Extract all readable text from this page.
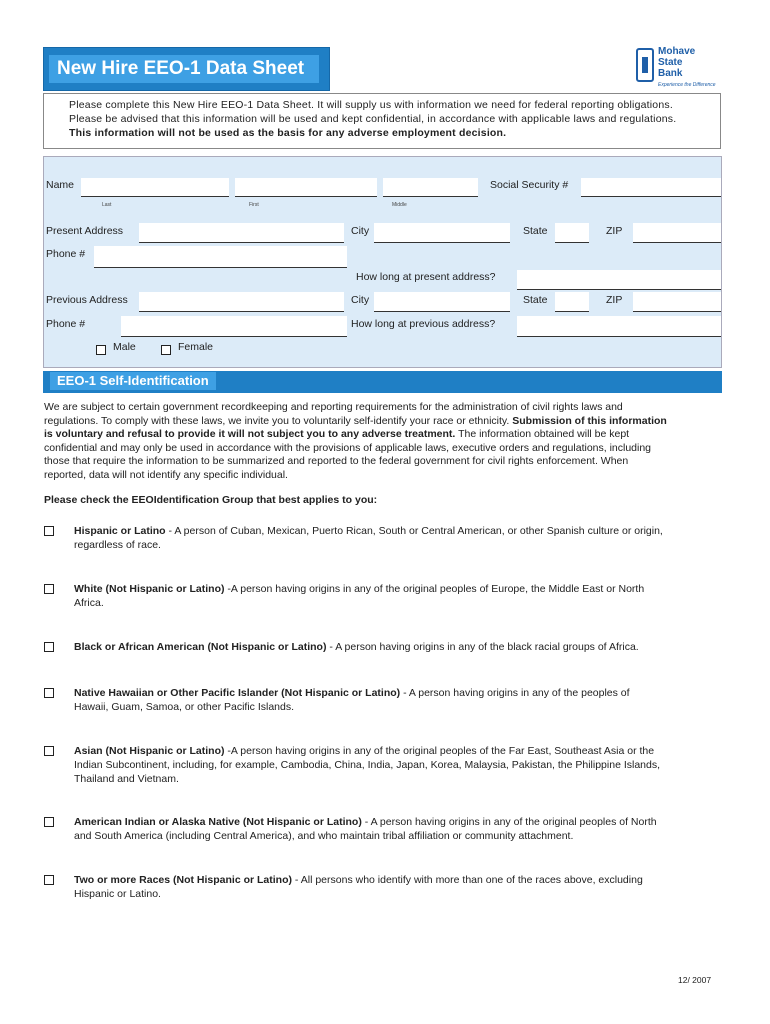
New Hire EEO-1 Data Sheet
Mohave
State
Bank
Experience the Difference

Please complete this New Hire EEO-1 Data Sheet. It will supply us with information we need for federal reporting obligations.

Please be advised that this information will be used and kept confidential, in accordance with applicable laws and regulations.

This information will not be used as the basis for any adverse employment decision.

Name
Last	First	Middle
Social Security #
Present Address	City	State	ZIP
Phone #
How long at present address?
Previous Address	City	State	ZIP
Phone #	How long at previous address?
Male	Female
EEO-1 Self-Identification
We are subject to certain government recordkeeping and reporting requirements for the administration of civil rights laws and
regulations. To comply with these laws, we invite you to voluntarily self-identify your race or ethnicity. Submission of this information
is voluntary and refusal to provide it will not subject you to any adverse treatment. The information obtained will be kept
confidential and may only be used in accordance with the provisions of applicable laws, executive orders and regulations, including
those that require the information to be summarized and reported to the federal government for civil rights enforcement. When
reported, data will not identify any specific individual.
Please check the EEOIdentification Group that best applies to you:
Hispanic or Latino - A person of Cuban, Mexican, Puerto Rican, South or Central American, or other Spanish culture or origin,
regardless of race.
White (Not Hispanic or Latino) -A person having origins in any of the original peoples of Europe, the Middle East or North
Africa.
Black or African American (Not Hispanic or Latino) - A person having origins in any of the black racial groups of Africa.
Native Hawaiian or Other Pacific Islander (Not Hispanic or Latino) - A person having origins in any of the peoples of
Hawaii, Guam, Samoa, or other Pacific Islands.
Asian (Not Hispanic or Latino) -A person having origins in any of the original peoples of the Far East, Southeast Asia or the
Indian Subcontinent, including, for example, Cambodia, China, India, Japan, Korea, Malaysia, Pakistan, the Philippine Islands,
Thailand and Vietnam.
American Indian or Alaska Native (Not Hispanic or Latino) - A person having origins in any of the original peoples of North
and South America (including Central America), and who maintain tribal affiliation or community attachment.
Two or more Races (Not Hispanic or Latino) - All persons who identify with more than one of the races above, excluding
Hispanic or Latino.
12/ 2007
